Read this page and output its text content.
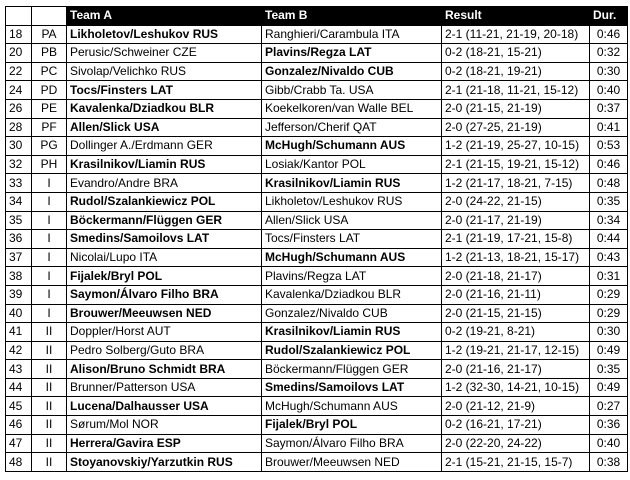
		Team A	Team B	Result	Dur.
18	PA	Likholetov/Leshukov RUS	Ranghieri/Carambula ITA	2-1 (11-21, 21-19, 20-18)	0:46
20	PB	Perusic/Schweiner CZE	Plavins/Regza LAT	0-2 (18-21, 15-21)	0:32
22	PC	Sivolap/Velichko RUS	Gonzalez/Nivaldo CUB	0-2 (18-21, 19-21)	0:30
24	PD	Tocs/Finsters LAT	Gibb/Crabb Ta. USA	2-1 (21-18, 11-21, 15-12)	0:40
26	PE	Kavalenka/Dziadkou BLR	Koekelkoren/van Walle BEL	2-0 (21-15, 21-19)	0:37
28	PF	Allen/Slick USA	Jefferson/Cherif QAT	2-0 (27-25, 21-19)	0:41
30	PG	Dollinger A./Erdmann GER	McHugh/Schumann AUS	1-2 (21-19, 25-27, 10-15)	0:53
32	PH	Krasilnikov/Liamin RUS	Losiak/Kantor POL	2-1 (21-15, 19-21, 15-12)	0:46
33	I	Evandro/Andre BRA	Krasilnikov/Liamin RUS	1-2 (21-17, 18-21, 7-15)	0:48
34	I	Rudol/Szalankiewicz POL	Likholetov/Leshukov RUS	2-0 (24-22, 21-15)	0:35
35	I	Böckermann/Flüggen GER	Allen/Slick USA	2-0 (21-17, 21-19)	0:34
36	I	Smedins/Samoilovs LAT	Tocs/Finsters LAT	2-1 (21-19, 17-21, 15-8)	0:44
37	I	Nicolai/Lupo ITA	McHugh/Schumann AUS	1-2 (21-13, 18-21, 15-17)	0:43
38	I	Fijalek/Bryl POL	Plavins/Regza LAT	2-0 (21-18, 21-17)	0:31
39	I	Saymon/Álvaro Filho BRA	Kavalenka/Dziadkou BLR	2-0 (21-16, 21-11)	0:29
40	I	Brouwer/Meeuwsen NED	Gonzalez/Nivaldo CUB	2-0 (21-15, 21-15)	0:29
41	II	Doppler/Horst AUT	Krasilnikov/Liamin RUS	0-2 (19-21, 8-21)	0:30
42	II	Pedro Solberg/Guto BRA	Rudol/Szalankiewicz POL	1-2 (19-21, 21-17, 12-15)	0:49
43	II	Alison/Bruno Schmidt BRA	Böckermann/Flüggen GER	2-0 (21-16, 21-17)	0:35
44	II	Brunner/Patterson USA	Smedins/Samoilovs LAT	1-2 (32-30, 14-21, 10-15)	0:49
45	II	Lucena/Dalhausser USA	McHugh/Schumann AUS	2-0 (21-12, 21-9)	0:27
46	II	Sørum/Mol NOR	Fijalek/Bryl POL	0-2 (16-21, 17-21)	0:36
47	II	Herrera/Gavira ESP	Saymon/Álvaro Filho BRA	2-0 (22-20, 24-22)	0:40
48	II	Stoyanovskiy/Yarzutkin RUS	Brouwer/Meeuwsen NED	2-1 (15-21, 21-15, 15-7)	0:38
